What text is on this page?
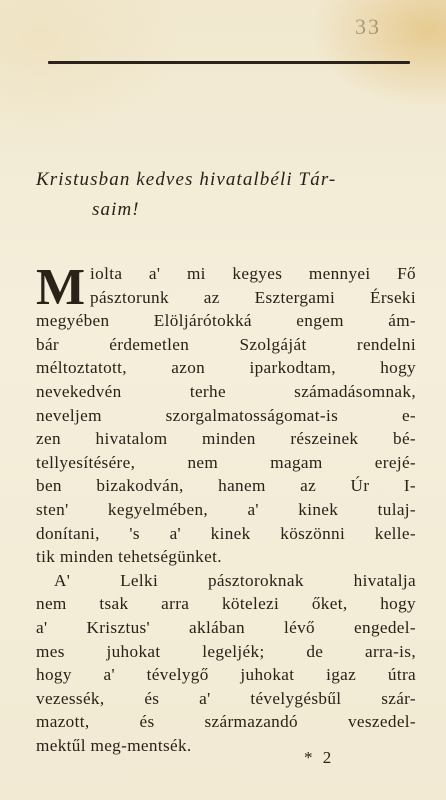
33
Kristusban kedves hivatalbéli Tár-
saim!
M iolta a' mi kegyes mennyei Fő
pásztorunk az Esztergami Érseki
megyében Elöljárótokká engem ám-
bár érdemetlen Szolgáját rendelni
méltoztatott, azon iparkodtam, hogy
nevekedvén terhe számadásomnak,
neveljem szorgalmatosságomat-is e-
zen hivatalom minden részeinek bé-
tellyesítésére, nem magam erejé-
ben bizakodván, hanem az Úr I-
sten' kegyelmében, a' kinek tulaj-
donítani, 's a' kinek köszönni kelle-
tik minden tehetségünket.
A' Lelki pásztoroknak hivatalja
nem tsak arra kötelezi őket, hogy
a' Krisztus' aklában lévő engedel-
mes juhokat legeljék; de arra-is,
hogy a' tévelygő juhokat igaz útra
vezessék, és a' tévelygésbűl szár-
mazott, és származandó veszedel-
mektűl meg-mentsék.
* 2
